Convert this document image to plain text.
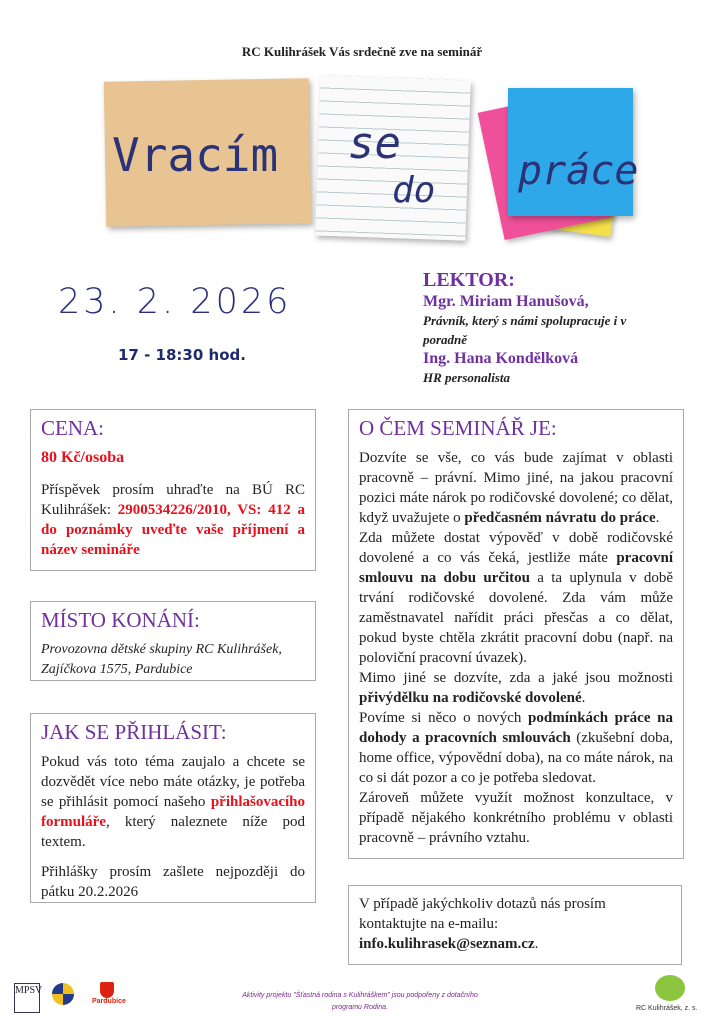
RC Kulihrášek Vás srdečně zve na seminář
Vracím se
do práce
23. 2. 2026
17 - 18:30 hod.
LEKTOR:
Mgr. Miriam Hanušová,
Právník, který s námi spolupracuje i v poradně
Ing. Hana Kondělková
HR personalista
CENA:
80 Kč/osoba

Příspěvek prosím uhraďte na BÚ RC Kulihrášek: 2900534226/2010, VS: 412 a do poznámky uveďte vaše příjmení a název semináře

MÍSTO KONÁNÍ:
Provozovna dětské skupiny RC Kulihrášek, Zajíčkova 1575, Pardubice
JAK SE PŘIHLÁSIT:

Pokud vás toto téma zaujalo a chcete se dozvědět více nebo máte otázky, je potřeba se přihlásit pomocí našeho přihlašovacího formuláře, který naleznete níže pod textem.

Přihlášky prosím zašlete nejpozději do pátku 20.2.2026

O ČEM SEMINÁŘ JE:

Dozvíte se vše, co vás bude zajímat v oblasti pracovně – právní. Mimo jiné, na jakou pracovní pozici máte nárok po rodičovské dovolené; co dělat, když uvažujete o předčasném návratu do práce.

Zda můžete dostat výpověď v době rodičovské dovolené a co vás čeká, jestliže máte pracovní smlouvu na dobu určitou a ta uplynula v době trvání rodičovské dovolené. Zda vám může zaměstnavatel nařídit práci přesčas a co dělat, pokud byste chtěla zkrátit pracovní dobu (např. na poloviční pracovní úvazek).

Mimo jiné se dozvíte, zda a jaké jsou možnosti přivýdělku na rodičovské dovolené.

Povíme si něco o nových podmínkách práce na dohody a pracovních smlouvách (zkušební doba, home office, výpovědní doba), na co máte nárok, na co si dát pozor a co je potřeba sledovat.

Zároveň můžete využít možnost konzultace, v případě nějakého konkrétního problému v oblasti pracovně – právního vztahu.

V případě jakýchkoliv dotazů nás prosím kontaktujte na e-mailu:

info.kulihrasek@seznam.cz.

MPSV
Pardubice
Aktivity projektu "Šťastná rodina s Kulihráškem" jsou podpořeny z dotačního programu Rodina.	RC Kulihrášek, z. s.
